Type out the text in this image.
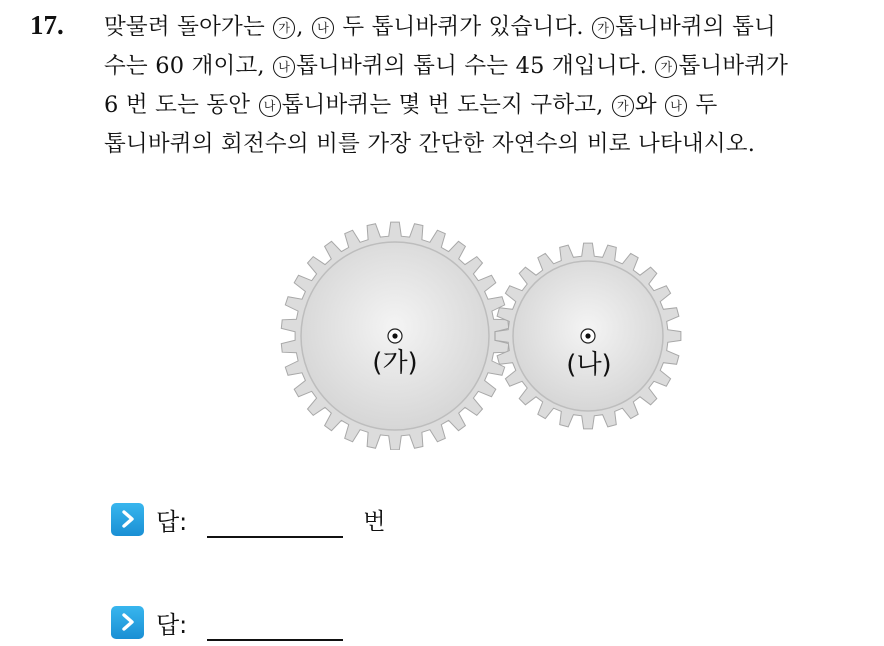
17. 맞물려 돌아가는 가 , 나 두 톱니바퀴가 있습니다. 가 톱니바퀴의 톱니
수는 60 개이고, 나 톱니바퀴의 톱니 수는 45 개입니다. 가 톱니바퀴가
6 번 도는 동안 나 톱니바퀴는 몇 번 도는지 구하고, 가 와 나 두
톱니바퀴의 회전수의 비를 가장 간단한 자연수의 비로 나타내시오.
(가)	(나)
답:	번
답:
